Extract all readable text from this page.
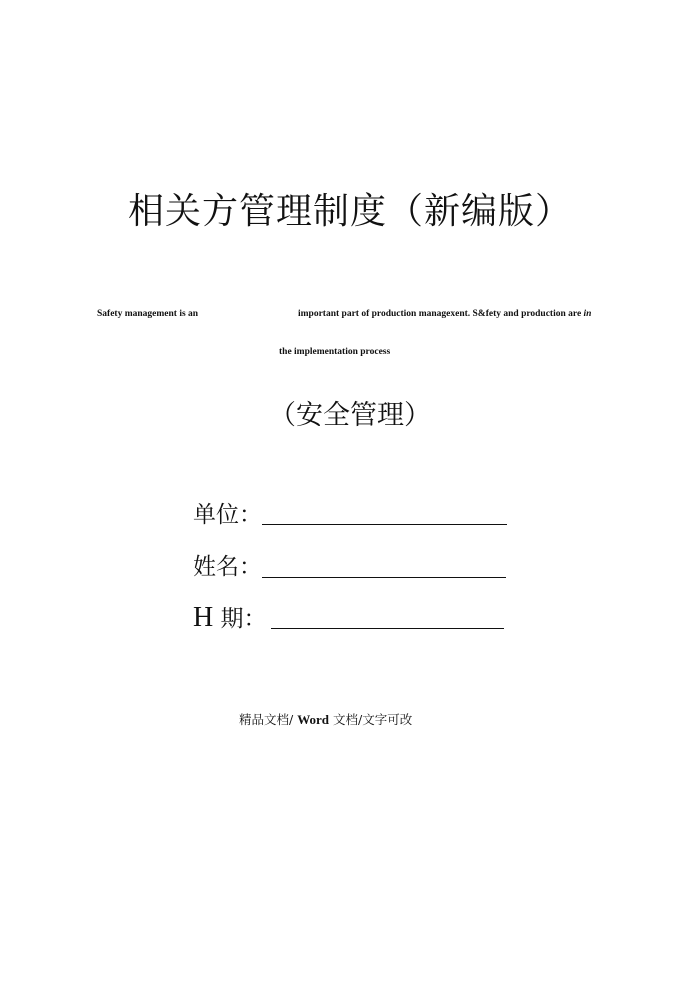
相关方管理制度（新编版）
Safety management is an	important part of production managexent. S&fety and production are in
the implementation process
（安全管理）
单位：
姓名：
H 期：
精品文档/ Word 文档/文字可改
